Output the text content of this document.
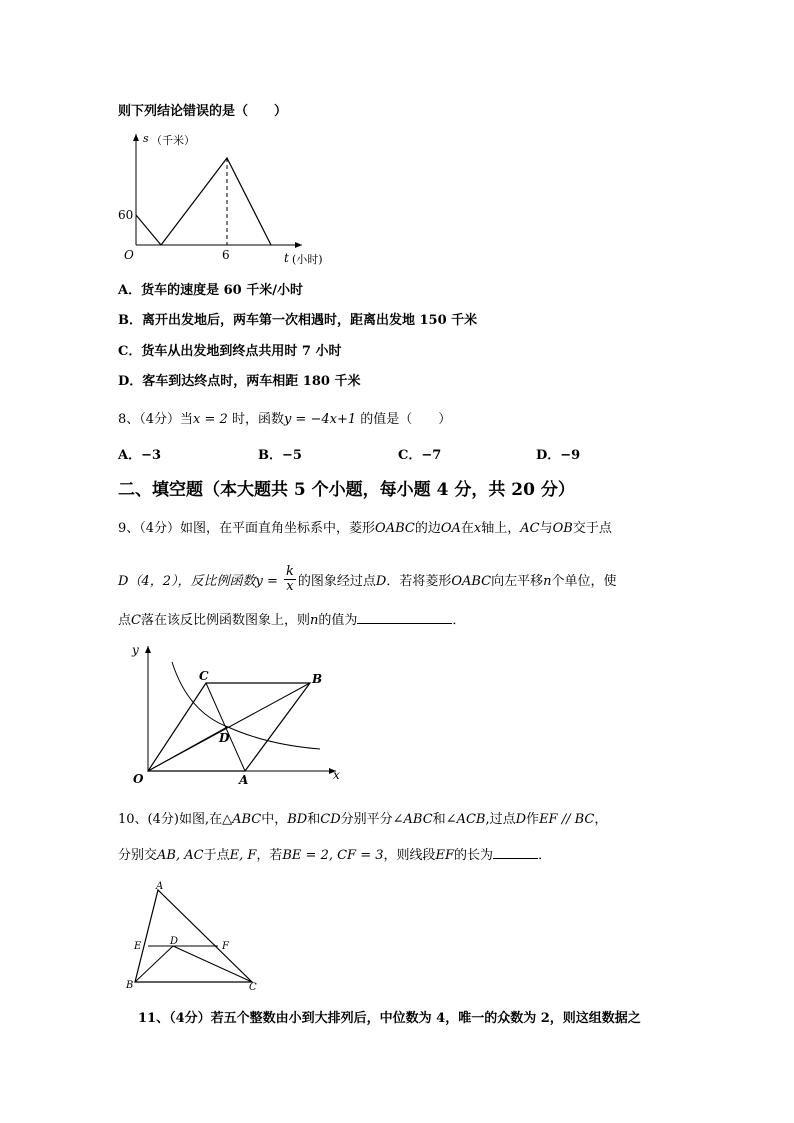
则下列结论错误的是（　　）
s （千米）
60
O	6	t (小时)
A．货车的速度是 60 千米/小时
B．离开出发地后，两车第一次相遇时，距离出发地 150 千米
C．货车从出发地到终点共用时 7 小时
D．客车到达终点时，两车相距 180 千米
8、（4分）当x = 2 时，函数y = −4x+1 的值是（　　）
A．−3	B．−5	C．−7	D．−9
二、填空题（本大题共 5 个小题，每小题 4 分，共 20 分）
9、（4分）如图，在平面直角坐标系中，菱形OABC的边OA在x轴上，AC与OB交于点
D（4，2），反比例函数$y = \frac{k}{x}$ 的图象经过点D．若将菱形OABC向左平移n个单位，使
点C落在该反比例函数图象上，则n的值为	．
y
x
O	A
B
C
D
10、(4分)如图,在△ABC中，BD和CD分别平分∠ABC和∠ACB,过点D作EF // BC，
分别交AB, AC于点E, F，若BE = 2, CF = 3，则线段EF的长为	．
A
B	C
D
E	F
11、（4分）若五个整数由小到大排列后，中位数为 4，唯一的众数为 2，则这组数据之
